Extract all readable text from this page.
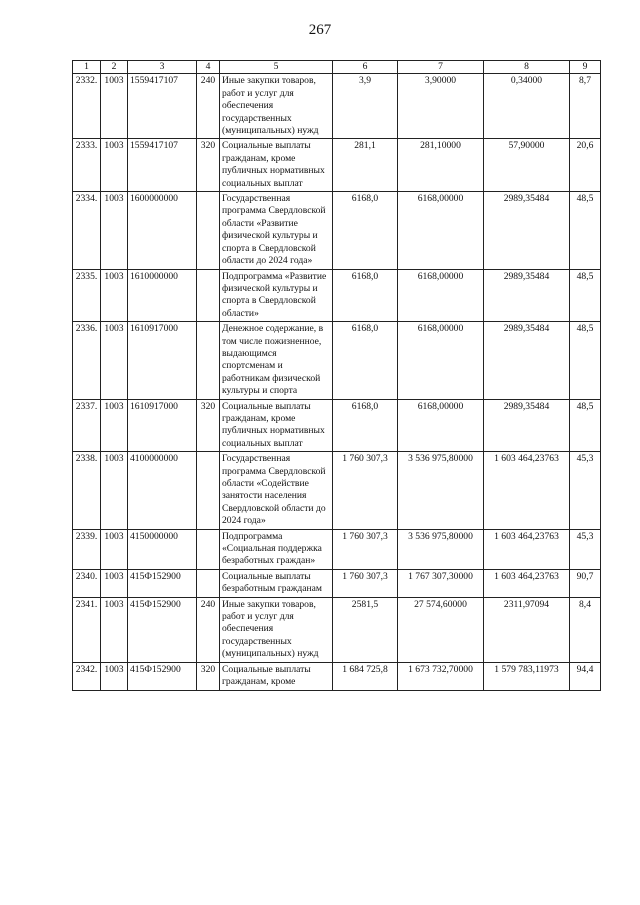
267
1	2	3	4	5	6	7	8	9
2332.	1003	1559417107	240	Иные закупки товаров, работ и услуг для обеспечения государственных (муниципальных) нужд	3,9	3,90000	0,34000	8,7
2333.	1003	1559417107	320	Социальные выплаты гражданам, кроме публичных нормативных социальных выплат	281,1	281,10000	57,90000	20,6
2334.	1003	1600000000		Государственная программа Свердловской области «Развитие физической культуры и спорта в Свердловской области до 2024 года»	6168,0	6168,00000	2989,35484	48,5
2335.	1003	1610000000		Подпрограмма «Развитие физической культуры и спорта в Свердловской области»	6168,0	6168,00000	2989,35484	48,5
2336.	1003	1610917000		Денежное содержание, в том числе пожизненное, выдающимся спортсменам и работникам физической культуры и спорта	6168,0	6168,00000	2989,35484	48,5
2337.	1003	1610917000	320	Социальные выплаты гражданам, кроме публичных нормативных социальных выплат	6168,0	6168,00000	2989,35484	48,5
2338.	1003	4100000000		Государственная программа Свердловской области «Содействие занятости населения Свердловской области до 2024 года»	1 760 307,3	3 536 975,80000	1 603 464,23763	45,3
2339.	1003	4150000000		Подпрограмма «Социальная поддержка безработных граждан»	1 760 307,3	3 536 975,80000	1 603 464,23763	45,3
2340.	1003	415Ф152900		Социальные выплаты безработным гражданам	1 760 307,3	1 767 307,30000	1 603 464,23763	90,7
2341.	1003	415Ф152900	240	Иные закупки товаров, работ и услуг для обеспечения государственных (муниципальных) нужд	2581,5	27 574,60000	2311,97094	8,4
2342.	1003	415Ф152900	320	Социальные выплаты гражданам, кроме	1 684 725,8	1 673 732,70000	1 579 783,11973	94,4
